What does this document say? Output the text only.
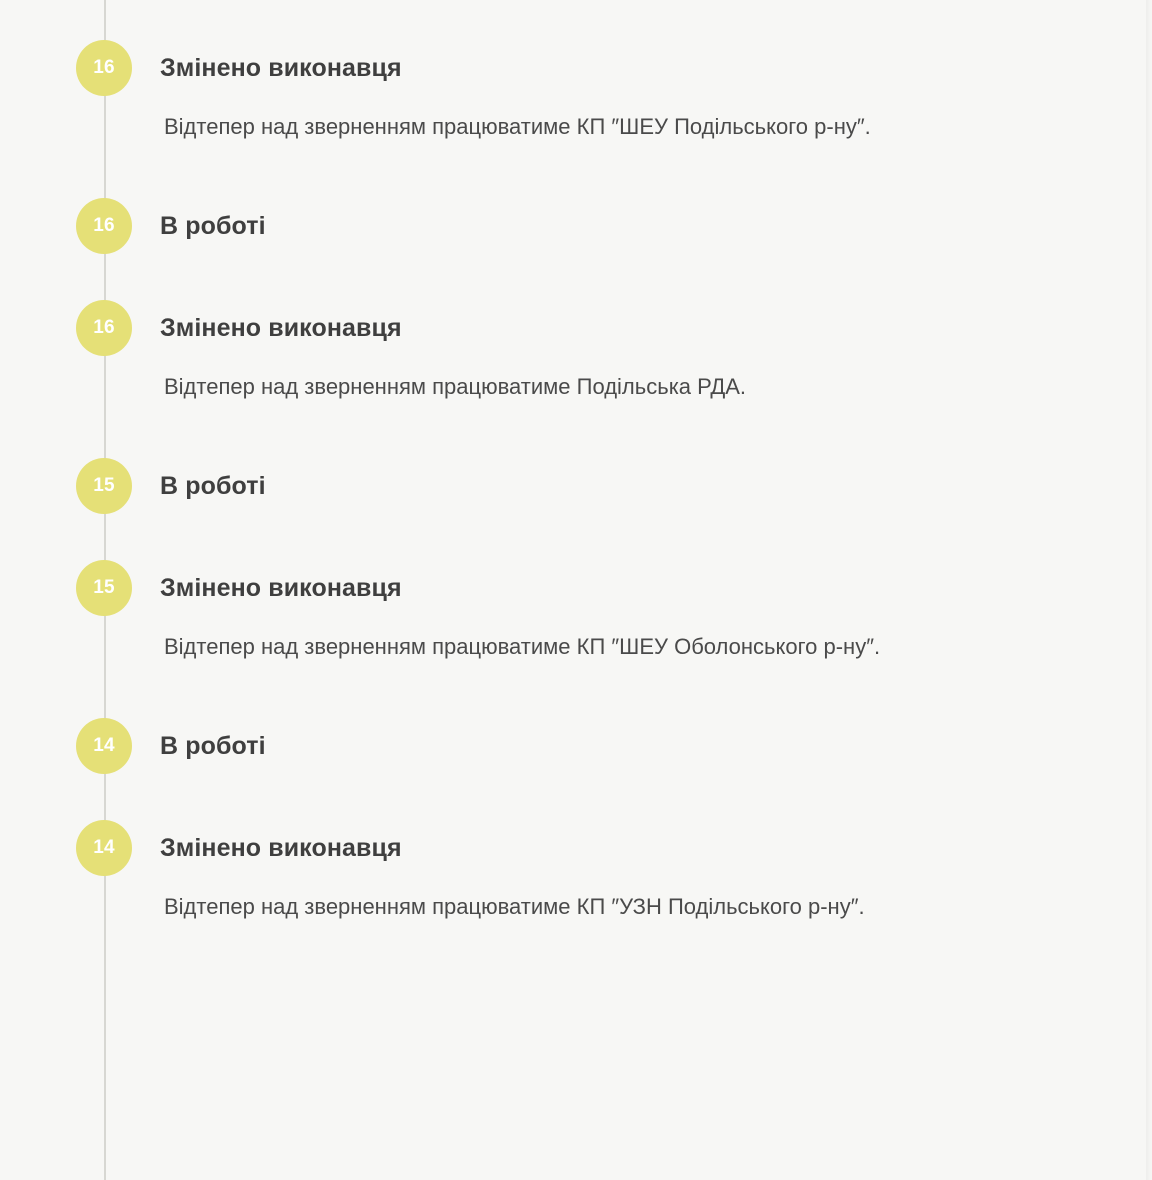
16	Змінено виконавця

Відтепер над зверненням працюватиме КП ″ШЕУ Подільського р-ну″.

16	В роботі
16	Змінено виконавця

Відтепер над зверненням працюватиме Подільська РДА.

15	В роботі
15	Змінено виконавця

Відтепер над зверненням працюватиме КП ″ШЕУ Оболонського р-ну″.

14	В роботі
14	Змінено виконавця

Відтепер над зверненням працюватиме КП ″УЗН Подільського р-ну″.
